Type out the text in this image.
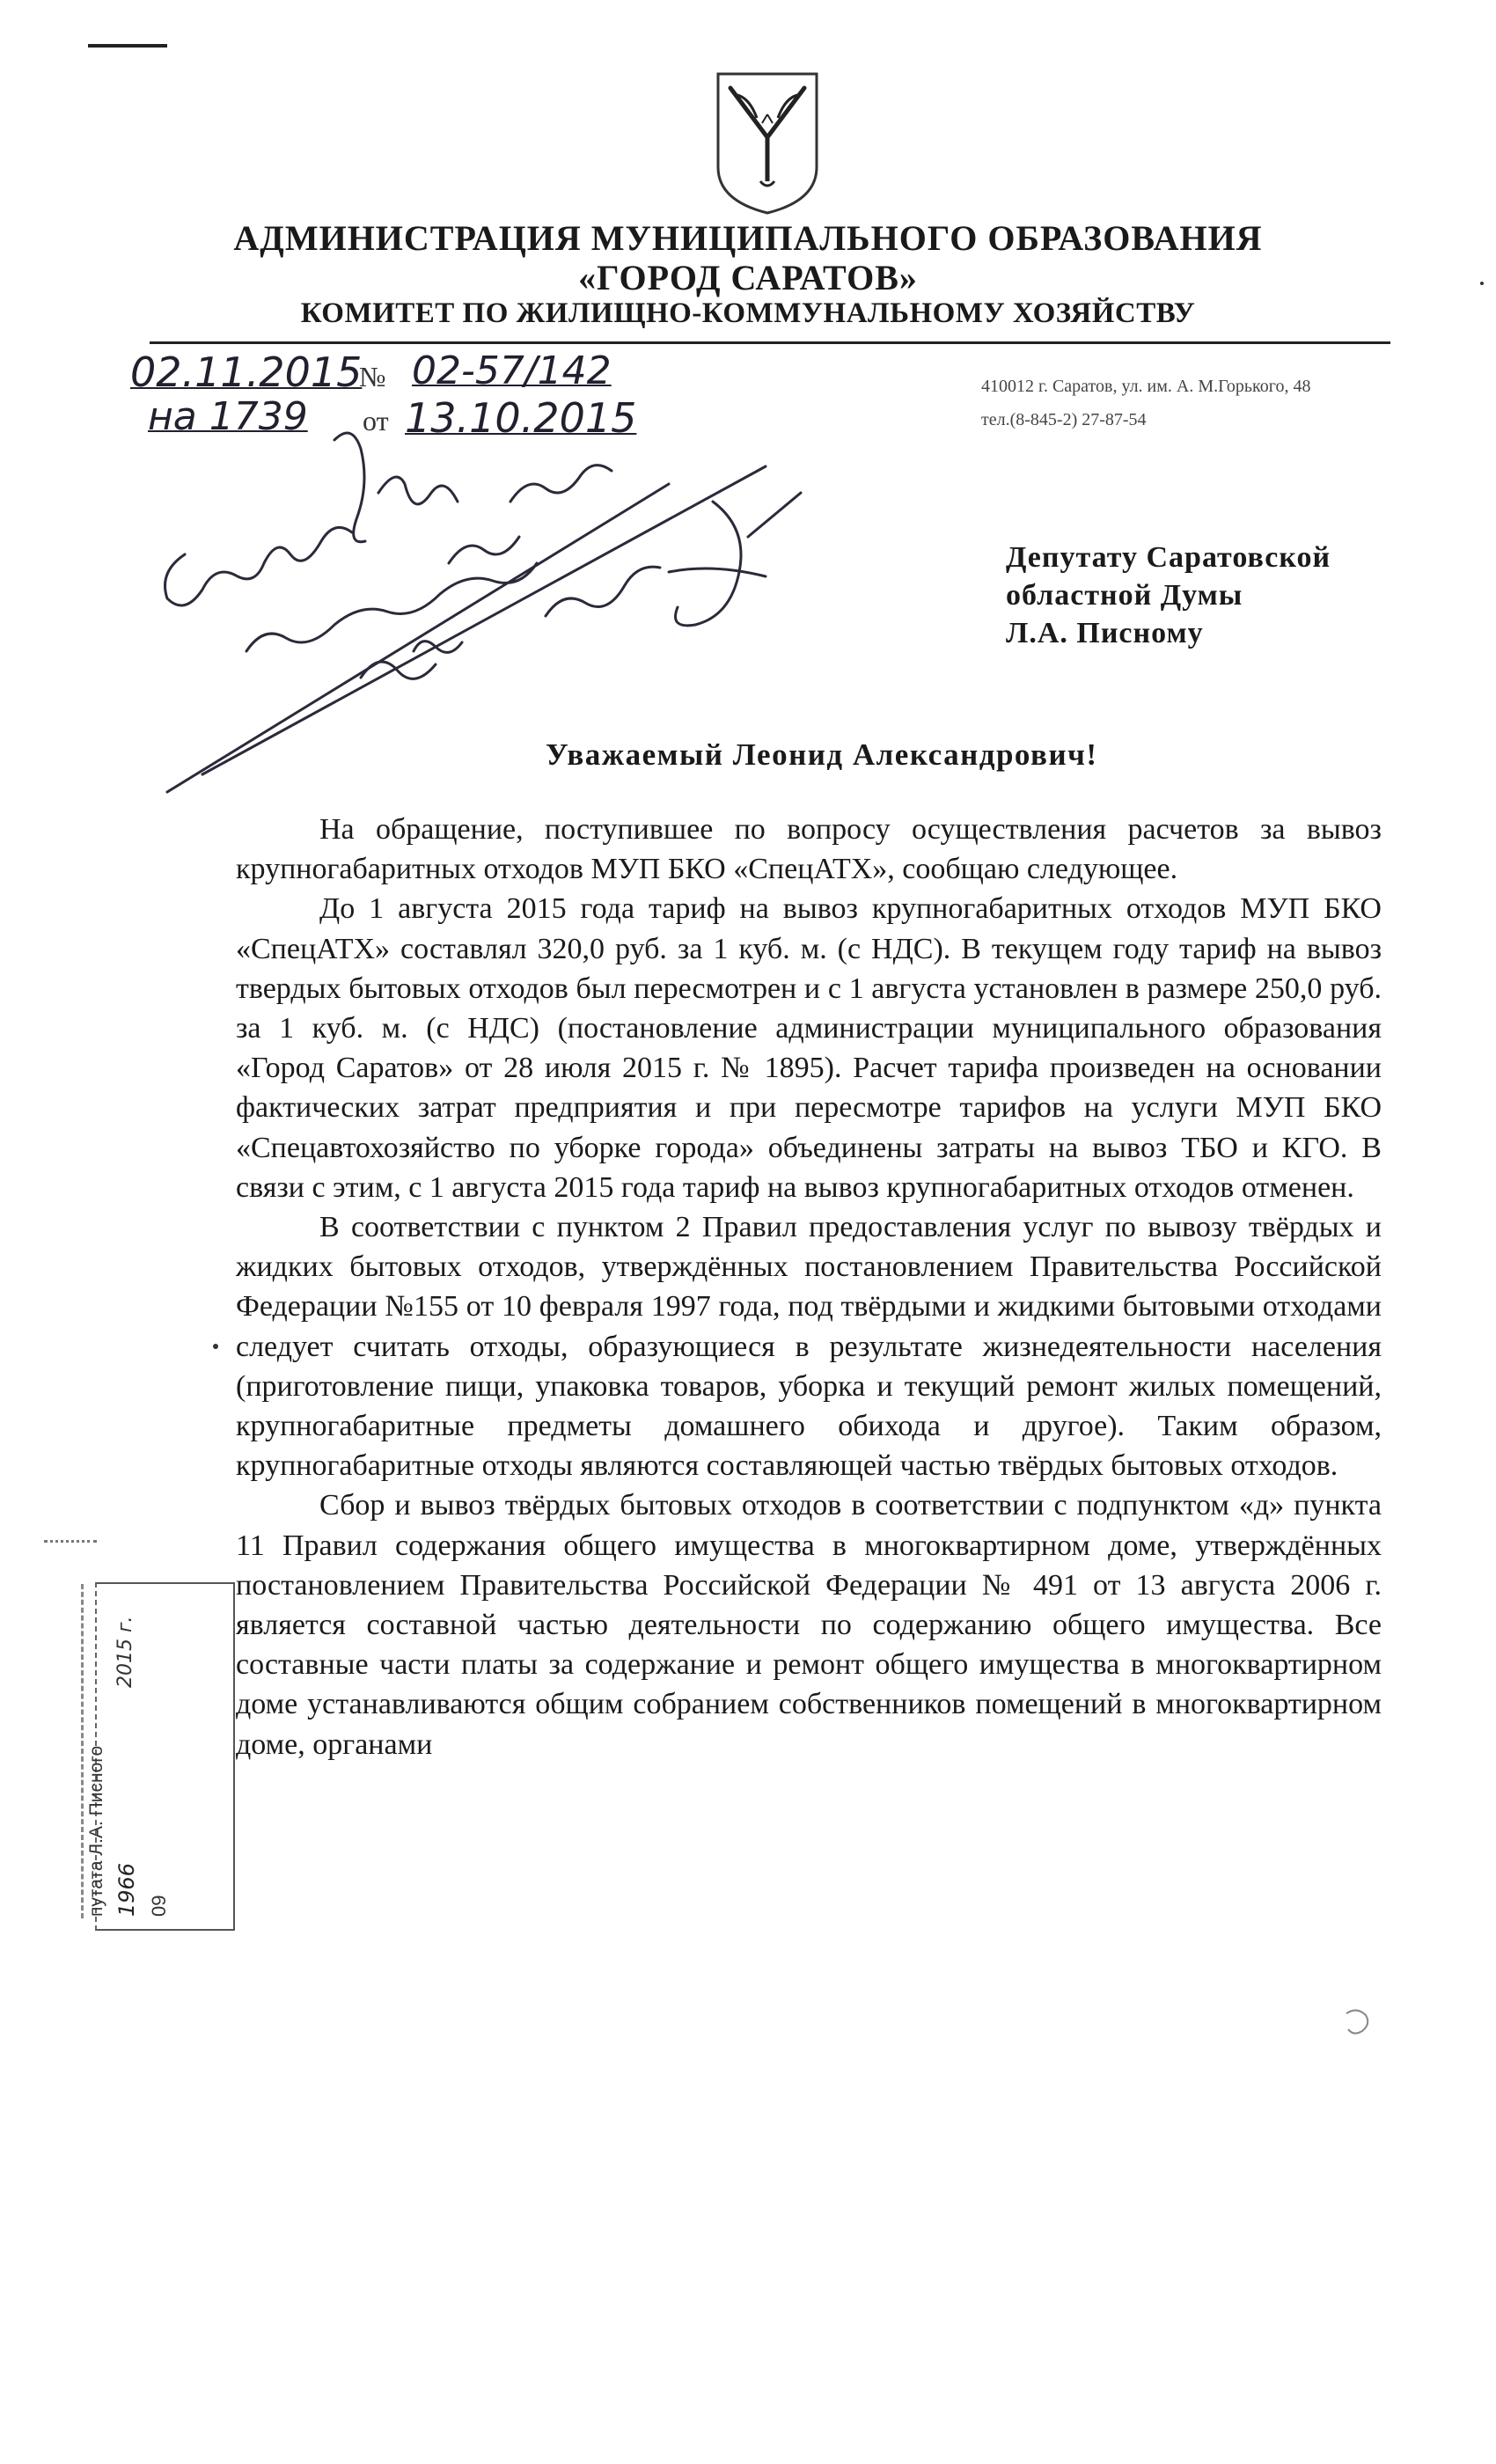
АДМИНИСТРАЦИЯ МУНИЦИПАЛЬНОГО ОБРАЗОВАНИЯ
«ГОРОД САРАТОВ»
КОМИТЕТ ПО ЖИЛИЩНО-КОММУНАЛЬНОМУ ХОЗЯЙСТВУ
02.11.2015
№ 02-57/142
на 1739 от 13.10.2015
410012 г. Саратов, ул. им. А. М.Горького, 48
тел.(8-845-2) 27-87-54
Депутату Саратовской
областной Думы
Л.А. Писному
Уважаемый Леонид Александрович!

На обращение, поступившее по вопросу осуществления расчетов за вывоз крупногабаритных отходов МУП БКО «СпецАТХ», сообщаю следующее.

До 1 августа 2015 года тариф на вывоз крупногабаритных отходов МУП БКО «СпецАТХ» составлял 320,0 руб. за 1 куб. м. (с НДС). В текущем году тариф на вывоз твердых бытовых отходов был пересмотрен и с 1 августа установлен в размере 250,0 руб. за 1 куб. м. (с НДС) (постановление администрации муниципального образования «Город Саратов» от 28 июля 2015 г. № 1895). Расчет тарифа произведен на основании фактических затрат предприятия и при пересмотре тарифов на услуги МУП БКО «Спецавтохозяйство по уборке города» объединены затраты на вывоз ТБО и КГО. В связи с этим, с 1 августа 2015 года тариф на вывоз крупногабаритных отходов отменен.

В соответствии с пунктом 2 Правил предоставления услуг по вывозу твёрдых и жидких бытовых отходов, утверждённых постановлением Правительства Российской Федерации №155 от 10 февраля 1997 года, под твёрдыми и жидкими бытовыми отходами следует считать отходы, образующиеся в результате жизнедеятельности населения (приготовление пищи, упаковка товаров, уборка и текущий ремонт жилых помещений, крупногабаритные предметы домашнего обихода и другое). Таким образом, крупногабаритные отходы являются составляющей частью твёрдых бытовых отходов.

Сбор и вывоз твёрдых бытовых отходов в соответствии с подпунктом «д» пункта 11 Правил содержания общего имущества в многоквартирном доме, утверждённых постановлением Правительства Российской Федерации № 491 от 13 августа 2006 г. является составной частью деятельности по содержанию общего имущества. Все составные части платы за содержание и ремонт общего имущества в многоквартирном доме устанавливаются общим собранием собственников помещений в многоквартирном доме, органами

путата Л.А. Писного 1966
2015 г.
09
